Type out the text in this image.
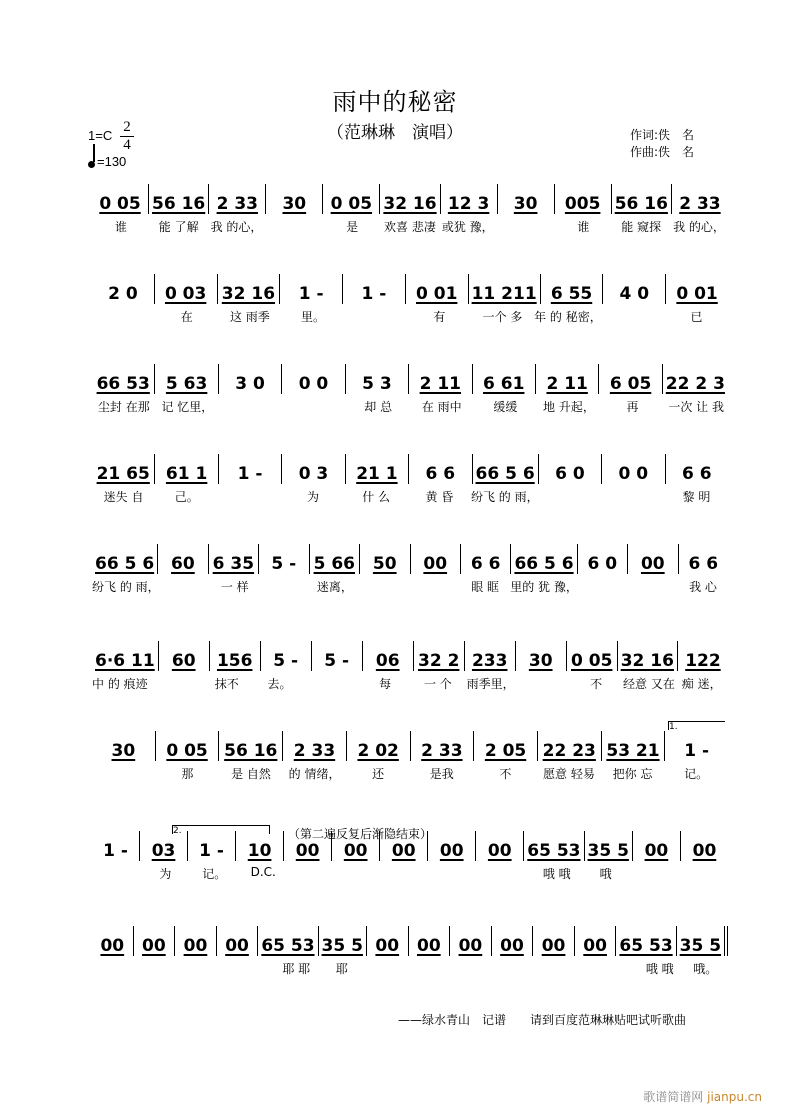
雨中的秘密
（范琳琳　演唱）
1=C
2
4
=130
作词:佚　名
作曲:佚　名
0 05 56 16 2 33 30 0 05 32 16 12 3 30 005 56 16 2 33
谁	能 了解 我 的心，	是	欢喜 悲凄 或犹 豫，	谁	能 窥探 我 的心，
2 0 0 03 32 16 1 - 1 - 0 01 11 211 6 55 4 0 0 01
在	这 雨季	里。	有	一个 多 年 的 秘密，	已
66 53 5 63 3 0 0 0 5 3 2 11 6 61 2 11 6 05 22 2 3
尘封 在那 记 忆里，	却 总	在 雨中	缓缓	地 升起，	再	一次 让 我
21 65 61 1 1 - 0 3 21 1 6 6 66 5 6 6 0 0 0 6 6
迷失 自	己。	为	什 么	黄 昏	纷飞 的 雨，	黎 明
66 5 6 60 6 35 5 - 5 66 50 00 6 6 66 5 6 6 0 00 6 6
纷飞 的 雨，	一 样	迷离，	眼 眶 里的 犹 豫，	我 心
6·6 11 60 156 5 - 5 - 06 32 2 233 30 0 05 32 16 122
中 的 痕迹	抹不	去。	每	一 个	雨季里，	不	经意 又在 痴 迷，
30 0 05 56 16 2 33 2 02 2 33 2 05 22 23 53 21 1 -
那	是 自然	的 情绪，	还	是我	不	愿意 轻易	把你 忘	记。
1.
1 - 03 1 - 10 00 00 00 00 00 65 53 35 5 00 00
为	记。	D.C.	哦 哦	哦
2.	（第二遍反复后渐隐结束）
00 00 00 00 65 53 35 5 00 00 00 00 00 00 65 53 35 5
耶 耶	耶	哦 哦	哦。
——绿水青山　记谱　　请到百度范琳琳贴吧试听歌曲
歌谱简谱网 jianpu.cn
